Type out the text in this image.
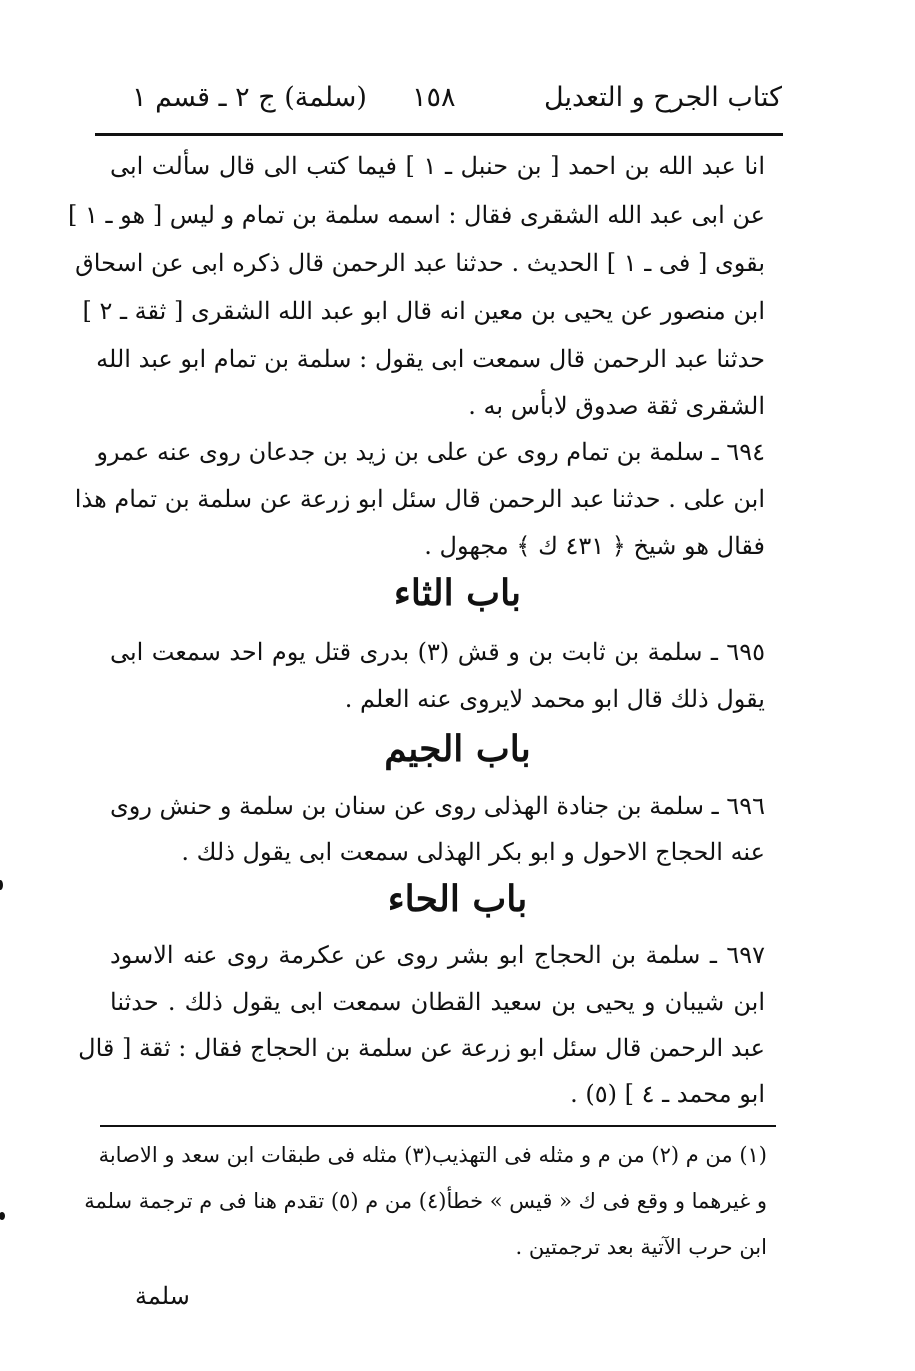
كتاب الجرح و التعديل
١٥٨
(سلمة) ج ٢ ـ قسم ١
انا عبد الله بن احمد [ بن حنبل ـ ١ ] فيما كتب الى قال سألت ابى
عن ابى عبد الله الشقرى فقال : اسمه سلمة بن تمام و ليس [ هو ـ ١ ]
بقوى [ فى ـ ١ ] الحديث . حدثنا عبد الرحمن قال ذكره ابى عن اسحاق
ابن منصور عن يحيى بن معين انه قال ابو عبد الله الشقرى [ ثقة ـ ٢ ]
حدثنا عبد الرحمن قال سمعت ابى يقول : سلمة بن تمام ابو عبد الله
الشقرى ثقة صدوق لابأس به .
٦٩٤ ـ سلمة بن تمام روى عن على بن زيد بن جدعان روى عنه عمرو
ابن على . حدثنا عبد الرحمن قال سئل ابو زرعة عن سلمة بن تمام هذا
فقال هو شيخ ﴿ ٤٣١ ك ﴾ مجهول .
باب الثاء
٦٩٥ ـ سلمة بن ثابت بن و قش (٣) بدرى قتل يوم احد سمعت ابى
يقول ذلك قال ابو محمد لايروى عنه العلم .
باب الجيم
٦٩٦ ـ سلمة بن جنادة الهذلى روى عن سنان بن سلمة و حنش روى
عنه الحجاج الاحول و ابو بكر الهذلى سمعت ابى يقول ذلك .
باب الحاء
٦٩٧ ـ سلمة بن الحجاج ابو بشر روى عن عكرمة روى عنه الاسود
ابن شيبان و يحيى بن سعيد القطان سمعت ابى يقول ذلك . حدثنا
عبد الرحمن قال سئل ابو زرعة عن سلمة بن الحجاج فقال : ثقة [ قال
ابو محمد ـ ٤ ] (٥) .
(١) من م (٢) من م و مثله فى التهذيب(٣) مثله فى طبقات ابن سعد و الاصابة
و غيرهما و وقع فى ك « قيس » خطأ(٤) من م (٥) تقدم هنا فى م ترجمة سلمة
ابن حرب الآتية بعد ترجمتين .
سلمة
